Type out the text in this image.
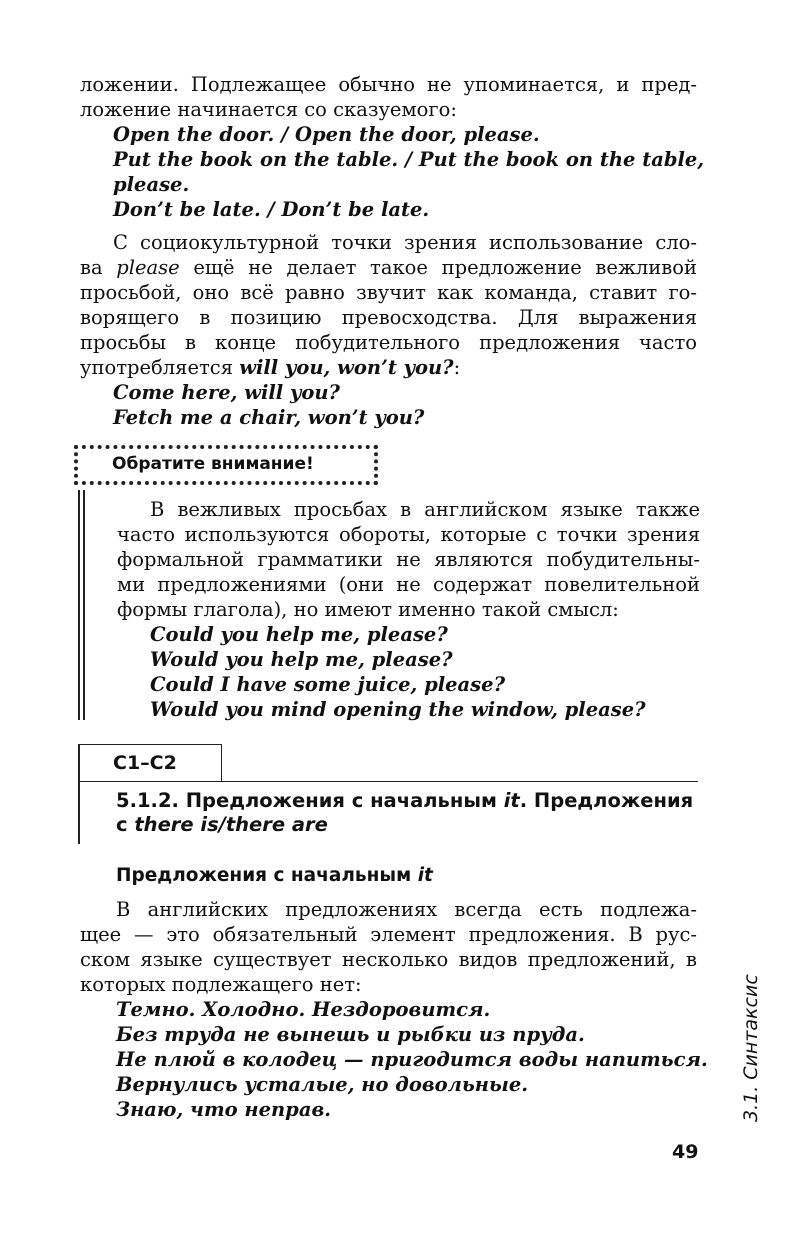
ложении. Подлежащее обычно не упоминается, и пред-
ложение начинается со сказуемого:
Open the door. / Open the door, please.
Put the book on the table. / Put the book on the table,
please.
Don’t be late. / Don’t be late.
С социокультурной точки зрения использование сло-
ва please ещё не делает такое предложение вежливой
просьбой, оно всё равно звучит как команда, ставит го-
ворящего в позицию превосходства. Для выражения
просьбы в конце побудительного предложения часто
употребляется will you, won’t you?:
Come here, will you?
Fetch me a chair, won’t you?
Обратите внимание!
В вежливых просьбах в английском языке также
часто используются обороты, которые с точки зрения
формальной грамматики не являются побудительны-
ми предложениями (они не содержат повелительной
формы глагола), но имеют именно такой смысл:
Could you help me, please?
Would you help me, please?
Could I have some juice, please?
Would you mind opening the window, please?
С1–С2
5.1.2. Предложения с начальным it. Предложения
с there is/there are
Предложения с начальным it
В английских предложениях всегда есть подлежа-
щее — это обязательный элемент предложения. В рус-
ском языке существует несколько видов предложений, в
которых подлежащего нет:
Темно. Холодно. Нездоровится.
Без труда не вынешь и рыбки из пруда.
Не плюй в колодец — пригодится воды напиться.
Вернулись усталые, но довольные.
Знаю, что неправ.	3.1. Синтаксис
49
